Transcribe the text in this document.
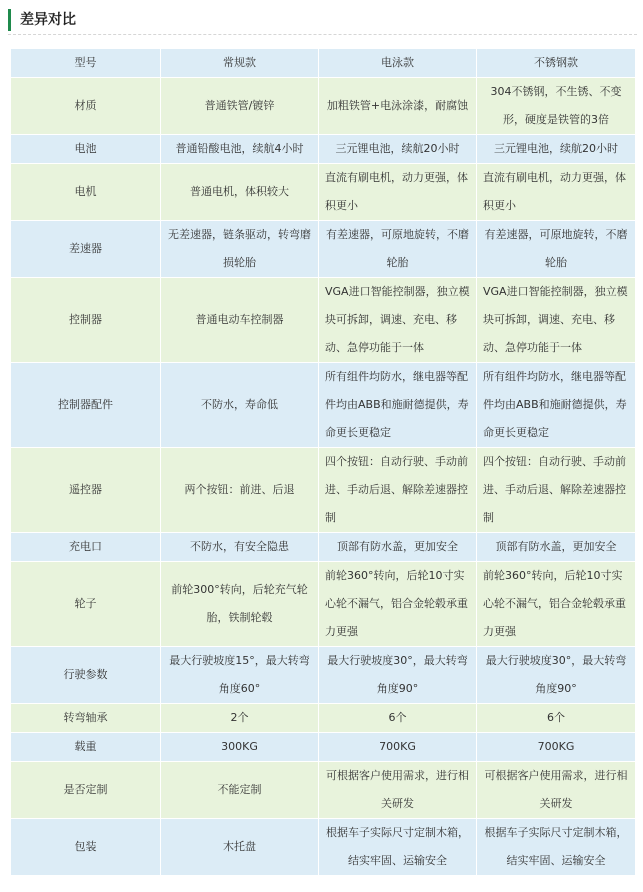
差异对比
型号	常规款	电泳款	不锈钢款
材质	普通铁管/镀锌	加粗铁管+电泳涂漆，耐腐蚀	304不锈钢，不生锈、不变形，硬度是铁管的3倍
电池	普通铅酸电池，续航4小时	三元锂电池，续航20小时	三元锂电池，续航20小时
电机	普通电机，体积较大	直流有刷电机，动力更强，体积更小	直流有刷电机，动力更强，体积更小
差速器	无差速器，链条驱动，转弯磨损轮胎	有差速器，可原地旋转，不磨轮胎	有差速器，可原地旋转，不磨轮胎
控制器	普通电动车控制器	VGA进口智能控制器，独立模块可拆卸，调速、充电、移动、急停功能于一体	VGA进口智能控制器，独立模块可拆卸，调速、充电、移动、急停功能于一体
控制器配件	不防水，寿命低	所有组件均防水，继电器等配件均由ABB和施耐德提供，寿命更长更稳定	所有组件均防水，继电器等配件均由ABB和施耐德提供，寿命更长更稳定
遥控器	两个按钮：前进、后退	四个按钮：自动行驶、手动前进、手动后退、解除差速器控制	四个按钮：自动行驶、手动前进、手动后退、解除差速器控制
充电口	不防水，有安全隐患	顶部有防水盖，更加安全	顶部有防水盖，更加安全
轮子	前轮300°转向，后轮充气轮胎，铁制轮毂	前轮360°转向，后轮10寸实心轮不漏气，铝合金轮毂承重力更强	前轮360°转向，后轮10寸实心轮不漏气，铝合金轮毂承重力更强
行驶参数	最大行驶坡度15°，最大转弯角度60°	最大行驶坡度30°，最大转弯角度90°	最大行驶坡度30°，最大转弯角度90°
转弯轴承	2个	6个	6个
载重	300KG	700KG	700KG
是否定制	不能定制	可根据客户使用需求，进行相关研发	可根据客户使用需求，进行相关研发
包装	木托盘	根据车子实际尺寸定制木箱，结实牢固、运输安全	根据车子实际尺寸定制木箱，结实牢固、运输安全
